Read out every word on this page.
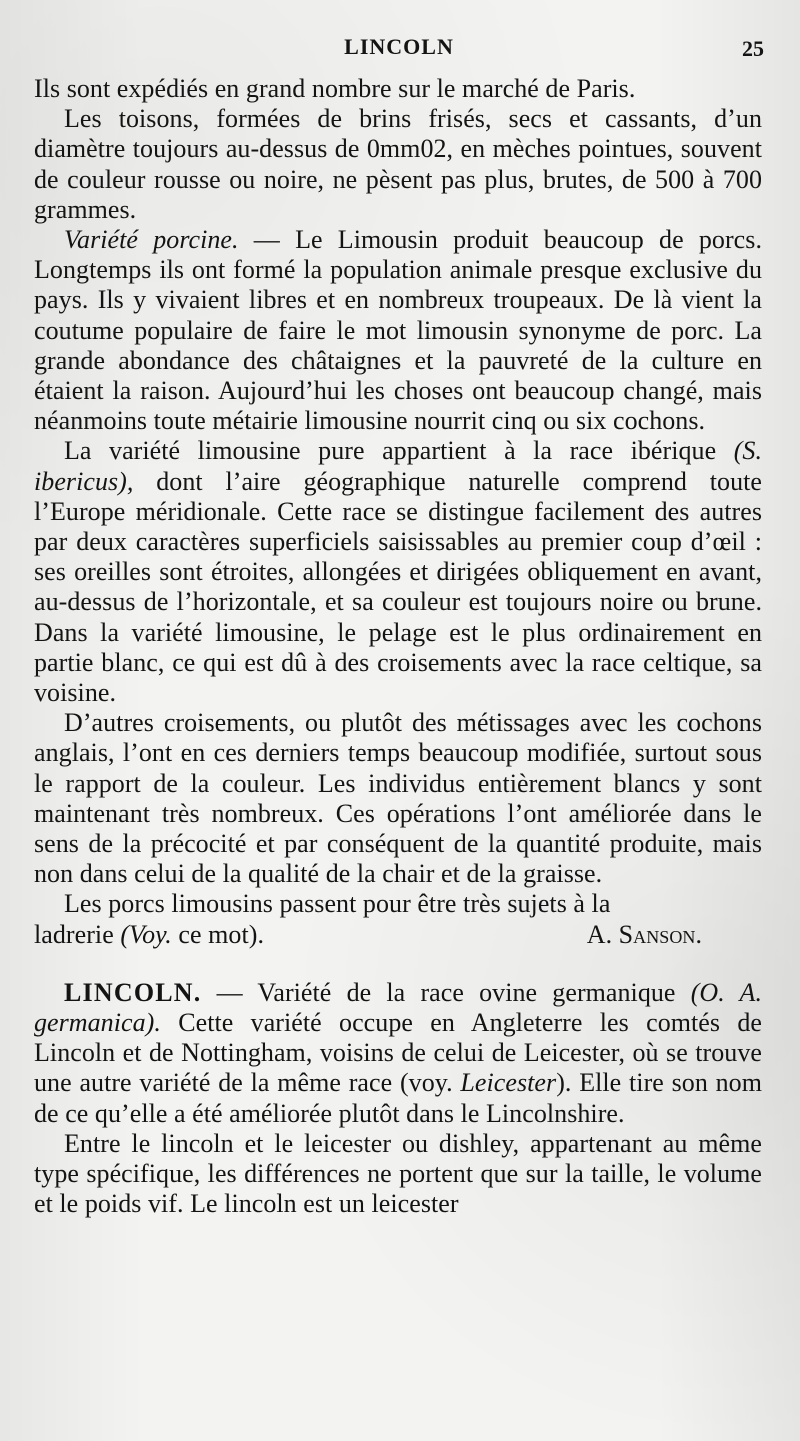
LINCOLN	25

Ils sont expédiés en grand nombre sur le marché de Paris.

Les toisons, formées de brins frisés, secs et cassants, d’un diamètre toujours au-dessus de 0mm02, en mèches pointues, souvent de couleur rousse ou noire, ne pèsent pas plus, brutes, de 500 à 700 grammes.

Variété porcine. — Le Limousin produit beaucoup de porcs. Longtemps ils ont formé la population animale presque exclusive du pays. Ils y vivaient libres et en nombreux troupeaux. De là vient la coutume populaire de faire le mot limousin synonyme de porc. La grande abondance des châtaignes et la pauvreté de la culture en étaient la raison. Aujourd’hui les choses ont beaucoup changé, mais néanmoins toute métairie limousine nourrit cinq ou six cochons.

La variété limousine pure appartient à la race ibérique (S. ibericus), dont l’aire géographique naturelle comprend toute l’Europe méridionale. Cette race se distingue facilement des autres par deux caractères superficiels saisissables au premier coup d’œil : ses oreilles sont étroites, allongées et dirigées obliquement en avant, au-dessus de l’horizontale, et sa couleur est toujours noire ou brune. Dans la variété limousine, le pelage est le plus ordinairement en partie blanc, ce qui est dû à des croisements avec la race celtique, sa voisine.

D’autres croisements, ou plutôt des métissages avec les cochons anglais, l’ont en ces derniers temps beaucoup modifiée, surtout sous le rapport de la couleur. Les individus entièrement blancs y sont maintenant très nombreux. Ces opérations l’ont améliorée dans le sens de la précocité et par conséquent de la quantité produite, mais non dans celui de la qualité de la chair et de la graisse.

Les porcs limousins passent pour être très sujets à la

ladrerie (Voy. ce mot).	A. Sanson.

LINCOLN. — Variété de la race ovine germanique (O. A. germanica). Cette variété occupe en Angleterre les comtés de Lincoln et de Nottingham, voisins de celui de Leicester, où se trouve une autre variété de la même race (voy. Leicester). Elle tire son nom de ce qu’elle a été améliorée plutôt dans le Lincolnshire.

Entre le lincoln et le leicester ou dishley, appartenant au même type spécifique, les différences ne portent que sur la taille, le volume et le poids vif. Le lincoln est un leicester
